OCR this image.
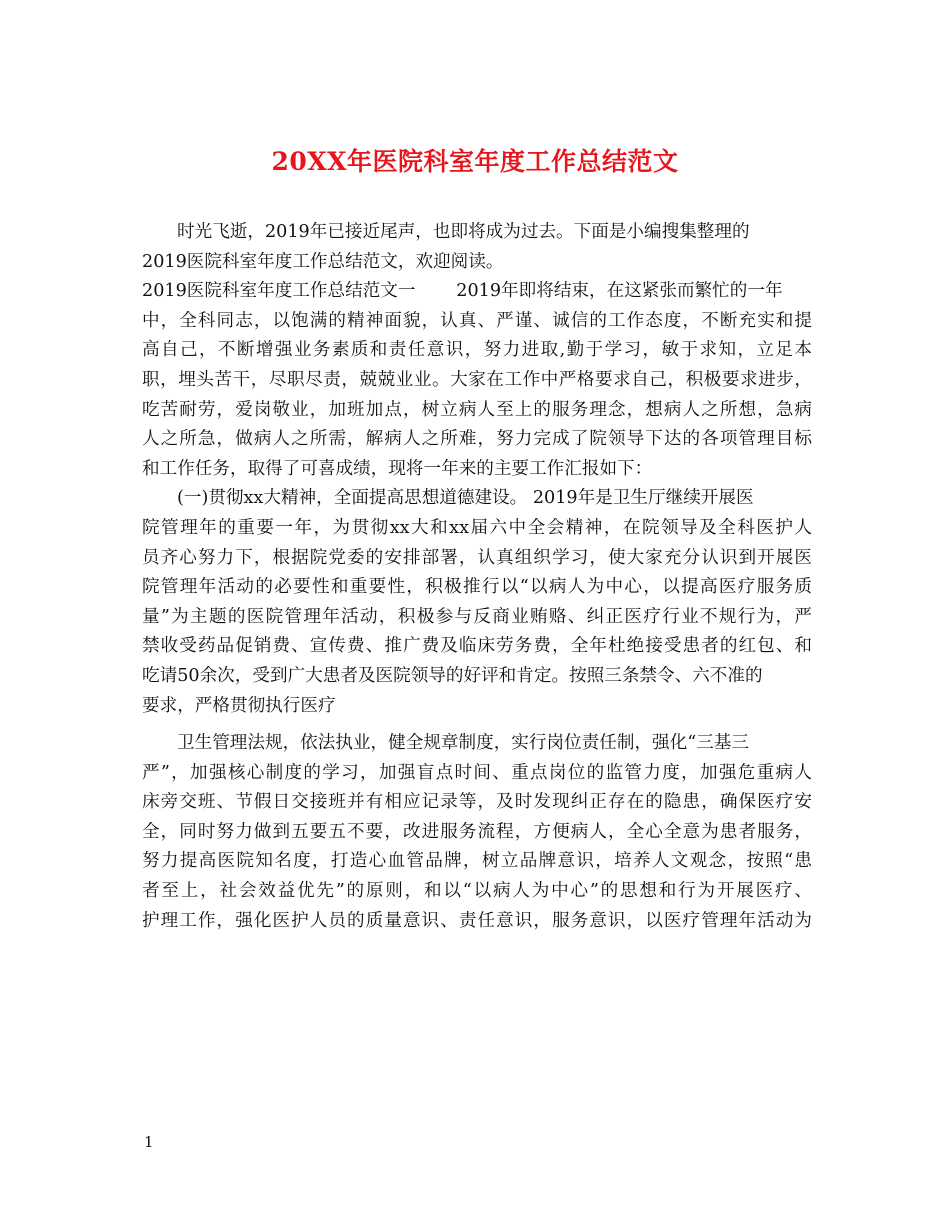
20XX年医院科室年度工作总结范文
时光飞逝，2019年已接近尾声，也即将成为过去。下面是小编搜集整理的
2019医院科室年度工作总结范文，欢迎阅读。
2019医院科室年度工作总结范文一　　 2019年即将结束，在这紧张而繁忙的一年
中，全科同志，以饱满的精神面貌，认真、严谨、诚信的工作态度，不断充实和提
高自己，不断增强业务素质和责任意识，努力进取,勤于学习，敏于求知，立足本
职，埋头苦干，尽职尽责，兢兢业业。大家在工作中严格要求自己，积极要求进步，
吃苦耐劳，爱岗敬业，加班加点，树立病人至上的服务理念，想病人之所想，急病
人之所急，做病人之所需，解病人之所难，努力完成了院领导下达的各项管理目标
和工作任务，取得了可喜成绩，现将一年来的主要工作汇报如下：
(一)贯彻xx大精神，全面提高思想道德建设。 2019年是卫生厅继续开展医
院管理年的重要一年，为贯彻xx大和xx届六中全会精神，在院领导及全科医护人
员齐心努力下，根据院党委的安排部署，认真组织学习，使大家充分认识到开展医
院管理年活动的必要性和重要性，积极推行以“以病人为中心，以提高医疗服务质
量”为主题的医院管理年活动，积极参与反商业贿赂、纠正医疗行业不规行为，严
禁收受药品促销费、宣传费、推广费及临床劳务费，全年杜绝接受患者的红包、和
吃请50余次，受到广大患者及医院领导的好评和肯定。按照三条禁令、六不准的
要求，严格贯彻执行医疗
卫生管理法规，依法执业，健全规章制度，实行岗位责任制，强化“三基三
严”，加强核心制度的学习，加强盲点时间、重点岗位的监管力度，加强危重病人
床旁交班、节假日交接班并有相应记录等，及时发现纠正存在的隐患，确保医疗安
全，同时努力做到五要五不要，改进服务流程，方便病人，全心全意为患者服务，
努力提高医院知名度，打造心血管品牌，树立品牌意识，培养人文观念，按照“患
者至上，社会效益优先”的原则，和以“以病人为中心”的思想和行为开展医疗、
护理工作，强化医护人员的质量意识、责任意识，服务意识，以医疗管理年活动为
1
